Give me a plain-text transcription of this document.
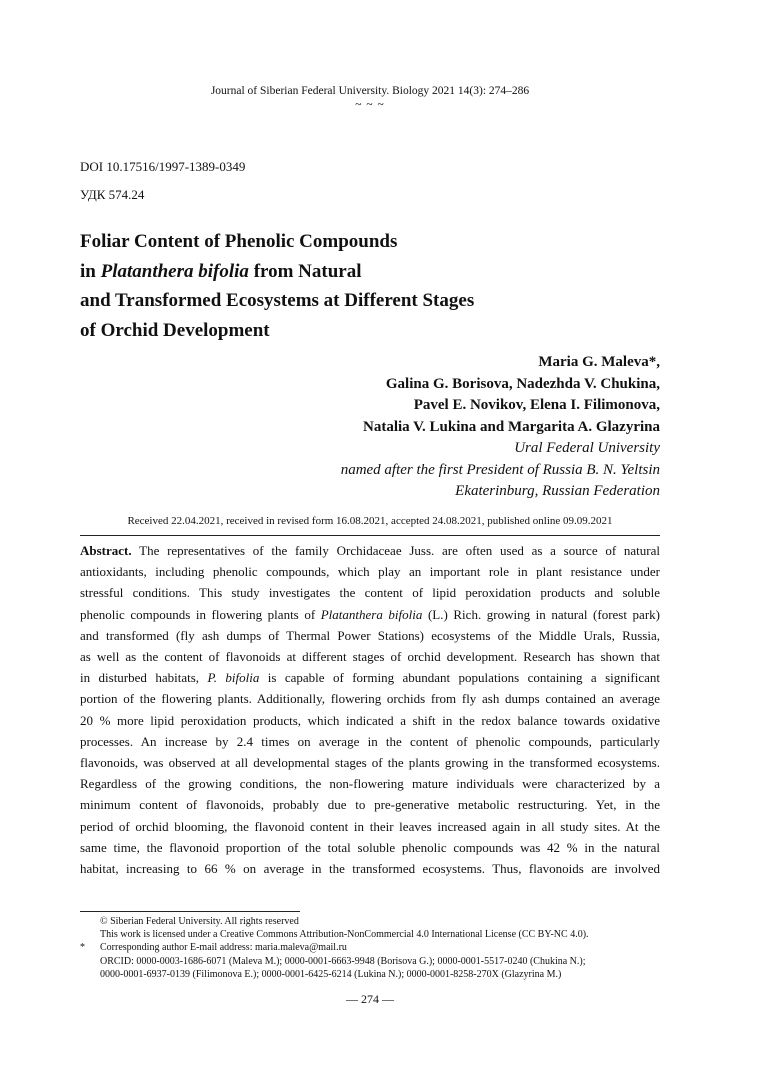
Journal of Siberian Federal University. Biology 2021 14(3): 274–286
~ ~ ~
DOI 10.17516/1997-1389-0349
УДК 574.24
Foliar Content of Phenolic Compounds
in Platanthera bifolia from Natural
and Transformed Ecosystems at Different Stages
of Orchid Development
Maria G. Maleva*,
Galina G. Borisova, Nadezhda V. Chukina,
Pavel E. Novikov, Elena I. Filimonova,
Natalia V. Lukina and Margarita A. Glazyrina
Ural Federal University
named after the first President of Russia B. N. Yeltsin
Ekaterinburg, Russian Federation
Received 22.04.2021, received in revised form 16.08.2021, accepted 24.08.2021, published online 09.09.2021
Abstract. The representatives of the family Orchidaceae Juss. are often used as a source of natural
antioxidants, including phenolic compounds, which play an important role in plant resistance under
stressful conditions. This study investigates the content of lipid peroxidation products and soluble
phenolic compounds in flowering plants of Platanthera bifolia (L.) Rich. growing in natural (forest park)
and transformed (fly ash dumps of Thermal Power Stations) ecosystems of the Middle Urals, Russia,
as well as the content of flavonoids at different stages of orchid development. Research has shown that
in disturbed habitats, P. bifolia is capable of forming abundant populations containing a significant
portion of the flowering plants. Additionally, flowering orchids from fly ash dumps contained an average
20 % more lipid peroxidation products, which indicated a shift in the redox balance towards oxidative
processes. An increase by 2.4 times on average in the content of phenolic compounds, particularly
flavonoids, was observed at all developmental stages of the plants growing in the transformed ecosystems.
Regardless of the growing conditions, the non-flowering mature individuals were characterized by a
minimum content of flavonoids, probably due to pre-generative metabolic restructuring. Yet, in the
period of orchid blooming, the flavonoid content in their leaves increased again in all study sites. At the
same time, the flavonoid proportion of the total soluble phenolic compounds was 42 % in the natural
habitat, increasing to 66 % on average in the transformed ecosystems. Thus, flavonoids are involved
© Siberian Federal University. All rights reserved
This work is licensed under a Creative Commons Attribution-NonCommercial 4.0 International License (CC BY-NC 4.0).
* Corresponding author E-mail address: maria.maleva@mail.ru
ORCID: 0000-0003-1686-6071 (Maleva M.); 0000-0001-6663-9948 (Borisova G.); 0000-0001-5517-0240 (Chukina N.);
0000-0001-6937-0139 (Filimonova E.); 0000-0001-6425-6214 (Lukina N.); 0000-0001-8258-270X (Glazyrina M.)
— 274 —
